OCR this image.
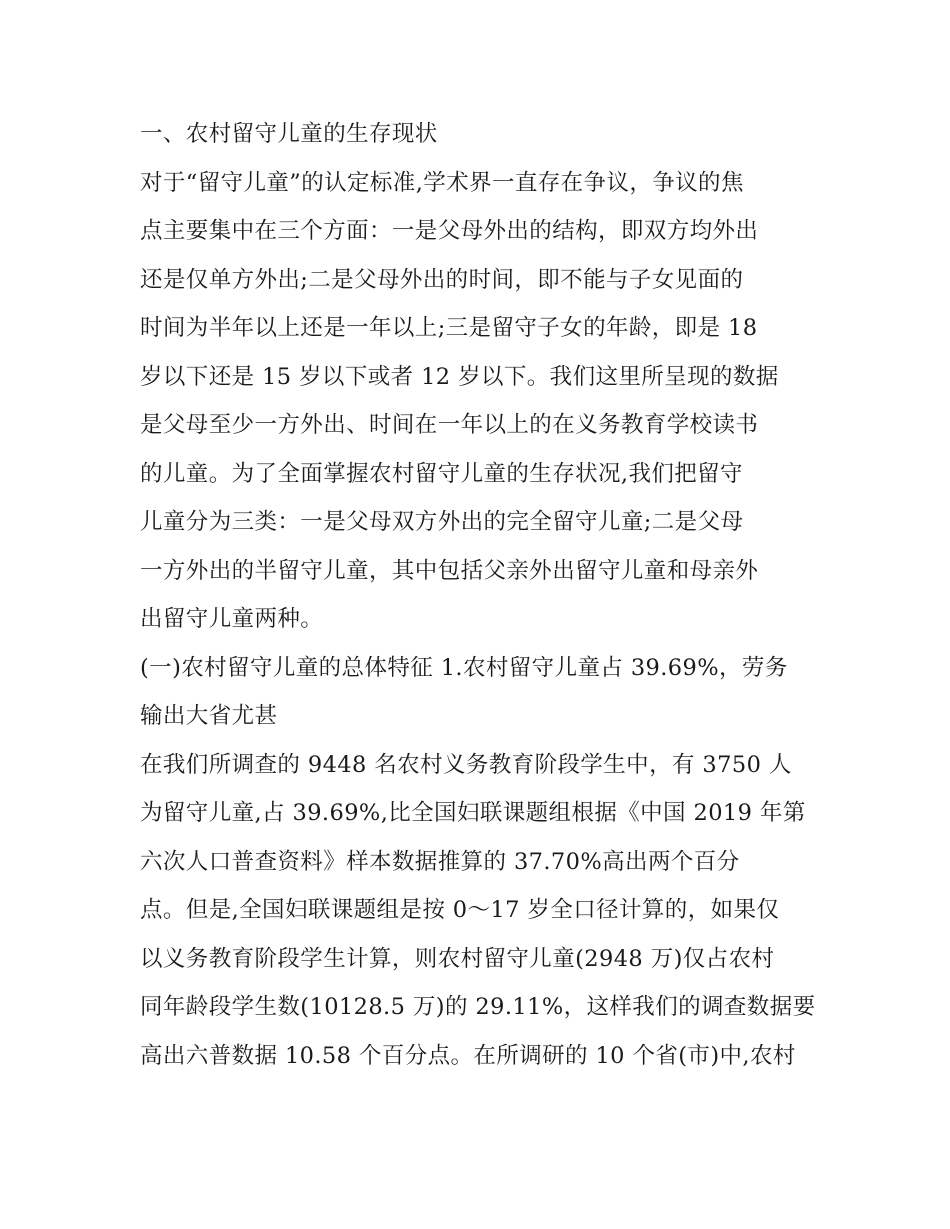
一、农村留守儿童的生存现状
对于“留守儿童”的认定标准,学术界一直存在争议，争议的焦
点主要集中在三个方面：一是父母外出的结构，即双方均外出
还是仅单方外出;二是父母外出的时间，即不能与子女见面的
时间为半年以上还是一年以上;三是留守子女的年龄，即是 18
岁以下还是 15 岁以下或者 12 岁以下。我们这里所呈现的数据
是父母至少一方外出、时间在一年以上的在义务教育学校读书
的儿童。为了全面掌握农村留守儿童的生存状况,我们把留守
儿童分为三类：一是父母双方外出的完全留守儿童;二是父母
一方外出的半留守儿童，其中包括父亲外出留守儿童和母亲外
出留守儿童两种。
(一)农村留守儿童的总体特征 1.农村留守儿童占 39.69%，劳务
输出大省尤甚
在我们所调查的 9448 名农村义务教育阶段学生中，有 3750 人
为留守儿童,占 39.69%,比全国妇联课题组根据《中国 2019 年第
六次人口普查资料》样本数据推算的 37.70%高出两个百分
点。但是,全国妇联课题组是按 0～17 岁全口径计算的，如果仅
以义务教育阶段学生计算，则农村留守儿童(2948 万)仅占农村
同年龄段学生数(10128.5 万)的 29.11%，这样我们的调查数据要
高出六普数据 10.58 个百分点。在所调研的 10 个省(市)中,农村
